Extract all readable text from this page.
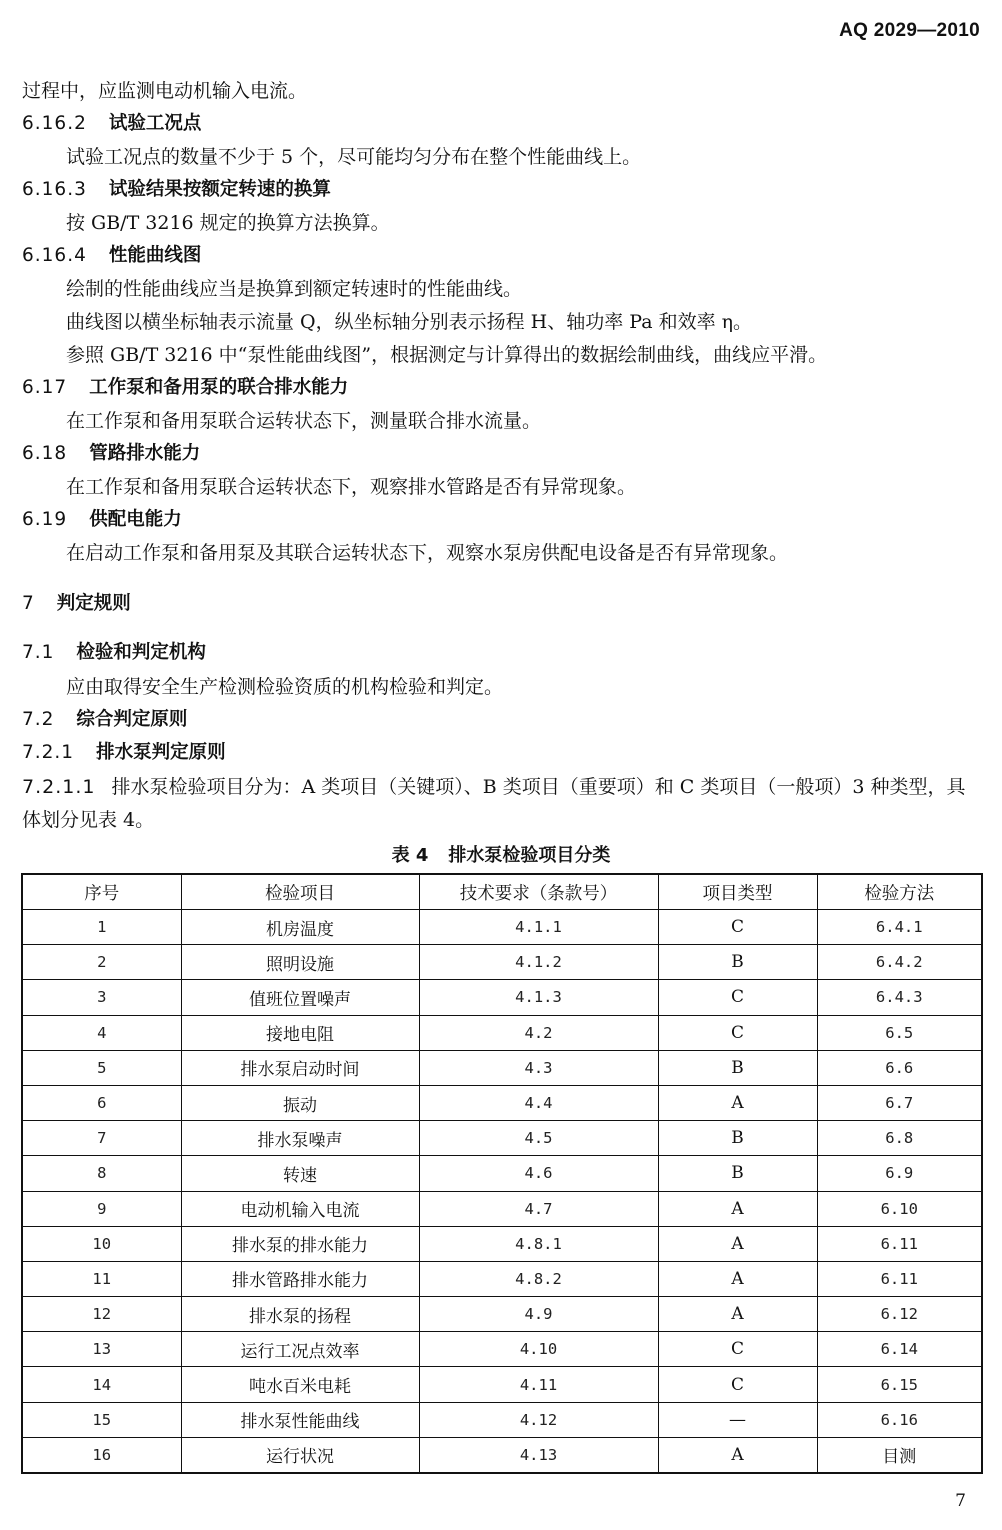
AQ 2029—2010
过程中，应监测电动机输入电流。
6.16.2 试验工况点
试验工况点的数量不少于 5 个，尽可能均匀分布在整个性能曲线上。
6.16.3 试验结果按额定转速的换算
按 GB/T 3216 规定的换算方法换算。
6.16.4 性能曲线图
绘制的性能曲线应当是换算到额定转速时的性能曲线。
曲线图以横坐标轴表示流量 Q，纵坐标轴分别表示扬程 H、轴功率 Pa 和效率 η。
参照 GB/T 3216 中“泵性能曲线图”，根据测定与计算得出的数据绘制曲线，曲线应平滑。
6.17 工作泵和备用泵的联合排水能力
在工作泵和备用泵联合运转状态下，测量联合排水流量。
6.18 管路排水能力
在工作泵和备用泵联合运转状态下，观察排水管路是否有异常现象。
6.19 供配电能力
在启动工作泵和备用泵及其联合运转状态下，观察水泵房供配电设备是否有异常现象。
7 判定规则
7.1 检验和判定机构
应由取得安全生产检测检验资质的机构检验和判定。
7.2 综合判定原则
7.2.1 排水泵判定原则
7.2.1.1 排水泵检验项目分为：A 类项目（关键项）、B 类项目（重要项）和 C 类项目（一般项）3 种类型，具体划分见表 4。
表 4 排水泵检验项目分类
序号	检验项目	技术要求（条款号）	项目类型	检验方法
1	机房温度	4.1.1	C	6.4.1
2	照明设施	4.1.2	B	6.4.2
3	值班位置噪声	4.1.3	C	6.4.3
4	接地电阻	4.2	C	6.5
5	排水泵启动时间	4.3	B	6.6
6	振动	4.4	A	6.7
7	排水泵噪声	4.5	B	6.8
8	转速	4.6	B	6.9
9	电动机输入电流	4.7	A	6.10
10	排水泵的排水能力	4.8.1	A	6.11
11	排水管路排水能力	4.8.2	A	6.11
12	排水泵的扬程	4.9	A	6.12
13	运行工况点效率	4.10	C	6.14
14	吨水百米电耗	4.11	C	6.15
15	排水泵性能曲线	4.12	—	6.16
16	运行状况	4.13	A	目测
7
